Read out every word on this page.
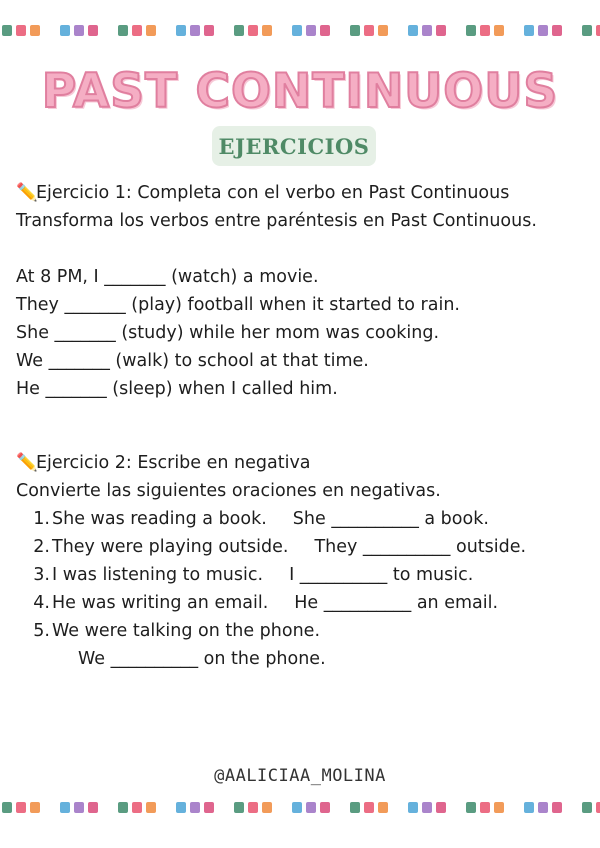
PAST CONTINUOUS
EJERCICIOS
✏️Ejercicio 1: Completa con el verbo en Past Continuous
Transforma los verbos entre paréntesis en Past Continuous.
At 8 PM, I _______ (watch) a movie.
They _______ (play) football when it started to rain.
She _______ (study) while her mom was cooking.
We _______ (walk) to school at that time.
He _______ (sleep) when I called him.
✏️Ejercicio 2: Escribe en negativa
Convierte las siguientes oraciones en negativas.
1. She was reading a book. She __________ a book.
2. They were playing outside. They __________ outside.
3. I was listening to music. I __________ to music.
4. He was writing an email. He __________ an email.
5. We were talking on the phone.We __________ on the phone.
@AALICIAA_MOLINA
